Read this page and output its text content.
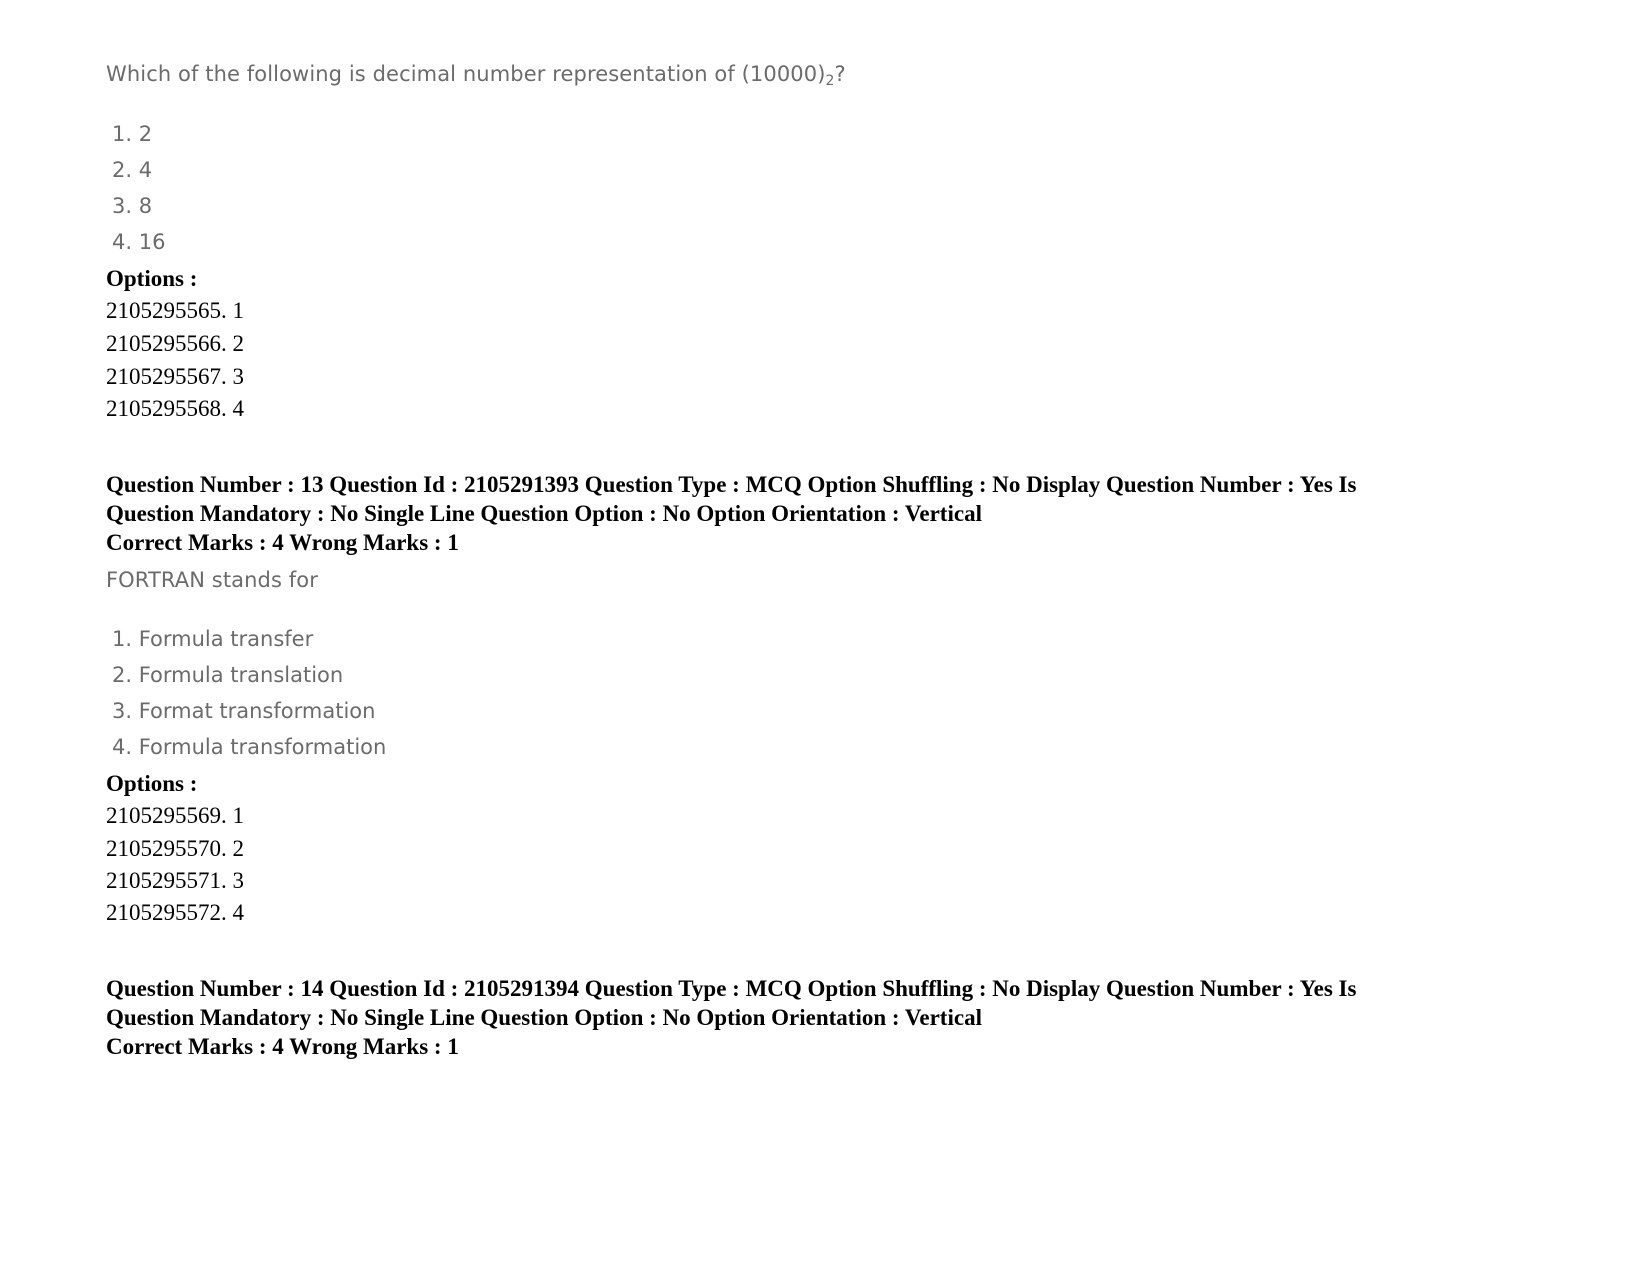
Which of the following is decimal number representation of $(10000)_2$?
1. 2
2. 4
3. 8
4. 16
Options :
2105295565. 1
2105295566. 2
2105295567. 3
2105295568. 4
Question Number : 13 Question Id : 2105291393 Question Type : MCQ Option Shuffling : No Display Question Number : Yes Is
Question Mandatory : No Single Line Question Option : No Option Orientation : Vertical
Correct Marks : 4 Wrong Marks : 1
FORTRAN stands for
1. Formula transfer
2. Formula translation
3. Format transformation
4. Formula transformation
Options :
2105295569. 1
2105295570. 2
2105295571. 3
2105295572. 4
Question Number : 14 Question Id : 2105291394 Question Type : MCQ Option Shuffling : No Display Question Number : Yes Is
Question Mandatory : No Single Line Question Option : No Option Orientation : Vertical
Correct Marks : 4 Wrong Marks : 1
